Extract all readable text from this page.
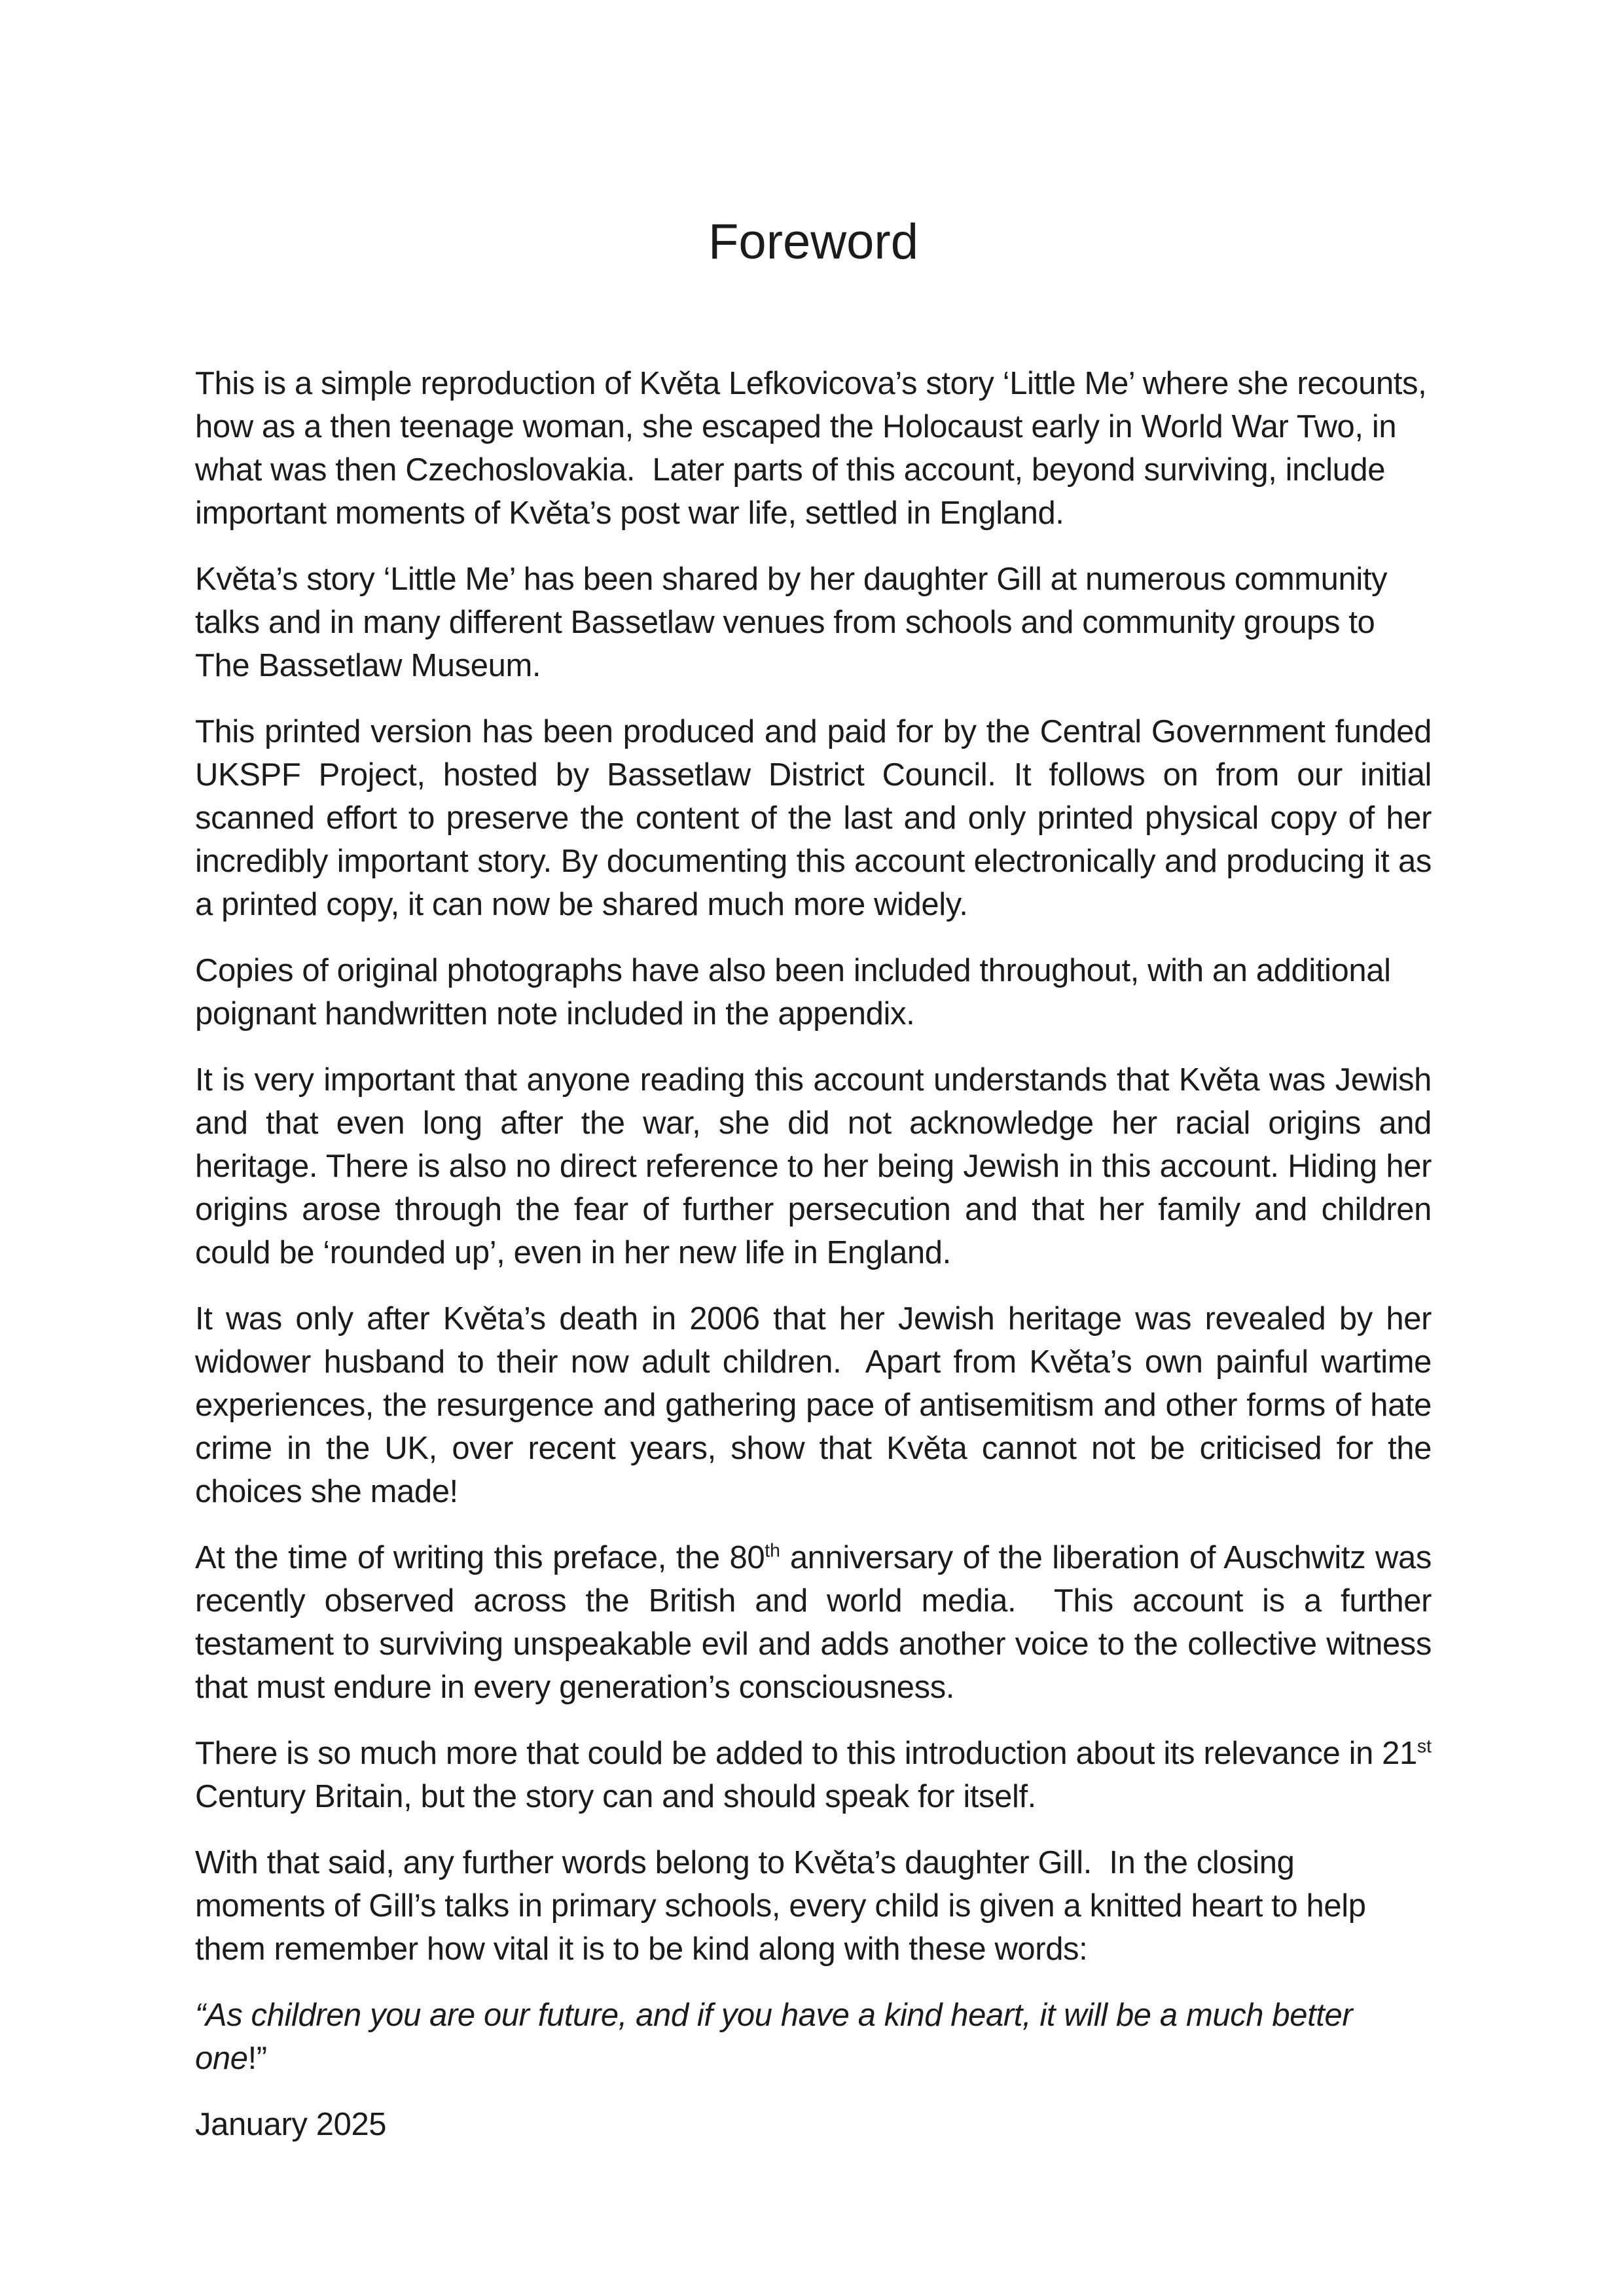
Foreword

This is a simple reproduction of Květa Lefkovicova’s story ‘Little Me’ where she recounts, how as a then teenage woman, she escaped the Holocaust early in World War Two, in what was then Czechoslovakia.  Later parts of this account, beyond surviving, include important moments of Květa’s post war life, settled in England.

Květa’s story ‘Little Me’ has been shared by her daughter Gill at numerous community talks and in many different Bassetlaw venues from schools and community groups to The Bassetlaw Museum.

This printed version has been produced and paid for by the Central Government funded UKSPF Project, hosted by Bassetlaw District Council. It follows on from our initial scanned effort to preserve the content of the last and only printed physical copy of her incredibly important story. By documenting this account electronically and producing it as a printed copy, it can now be shared much more widely.

Copies of original photographs have also been included throughout, with an additional poignant handwritten note included in the appendix.

It is very important that anyone reading this account understands that Květa was Jewish and that even long after the war, she did not acknowledge her racial origins and heritage. There is also no direct reference to her being Jewish in this account. Hiding her origins arose through the fear of further persecution and that her family and children could be ‘rounded up’, even in her new life in England.

It was only after Květa’s death in 2006 that her Jewish heritage was revealed by her widower husband to their now adult children.  Apart from Květa’s own painful wartime experiences, the resurgence and gathering pace of antisemitism and other forms of hate crime in the UK, over recent years, show that Květa cannot not be criticised for the choices she made!

At the time of writing this preface, the 80th anniversary of the liberation of Auschwitz was recently observed across the British and world media.  This account is a further testament to surviving unspeakable evil and adds another voice to the collective witness that must endure in every generation’s consciousness.

There is so much more that could be added to this introduction about its relevance in 21st Century Britain, but the story can and should speak for itself.

With that said, any further words belong to Květa’s daughter Gill.  In the closing moments of Gill’s talks in primary schools, every child is given a knitted heart to help them remember how vital it is to be kind along with these words:

“As children you are our future, and if you have a kind heart, it will be a much better one!”

January 2025
